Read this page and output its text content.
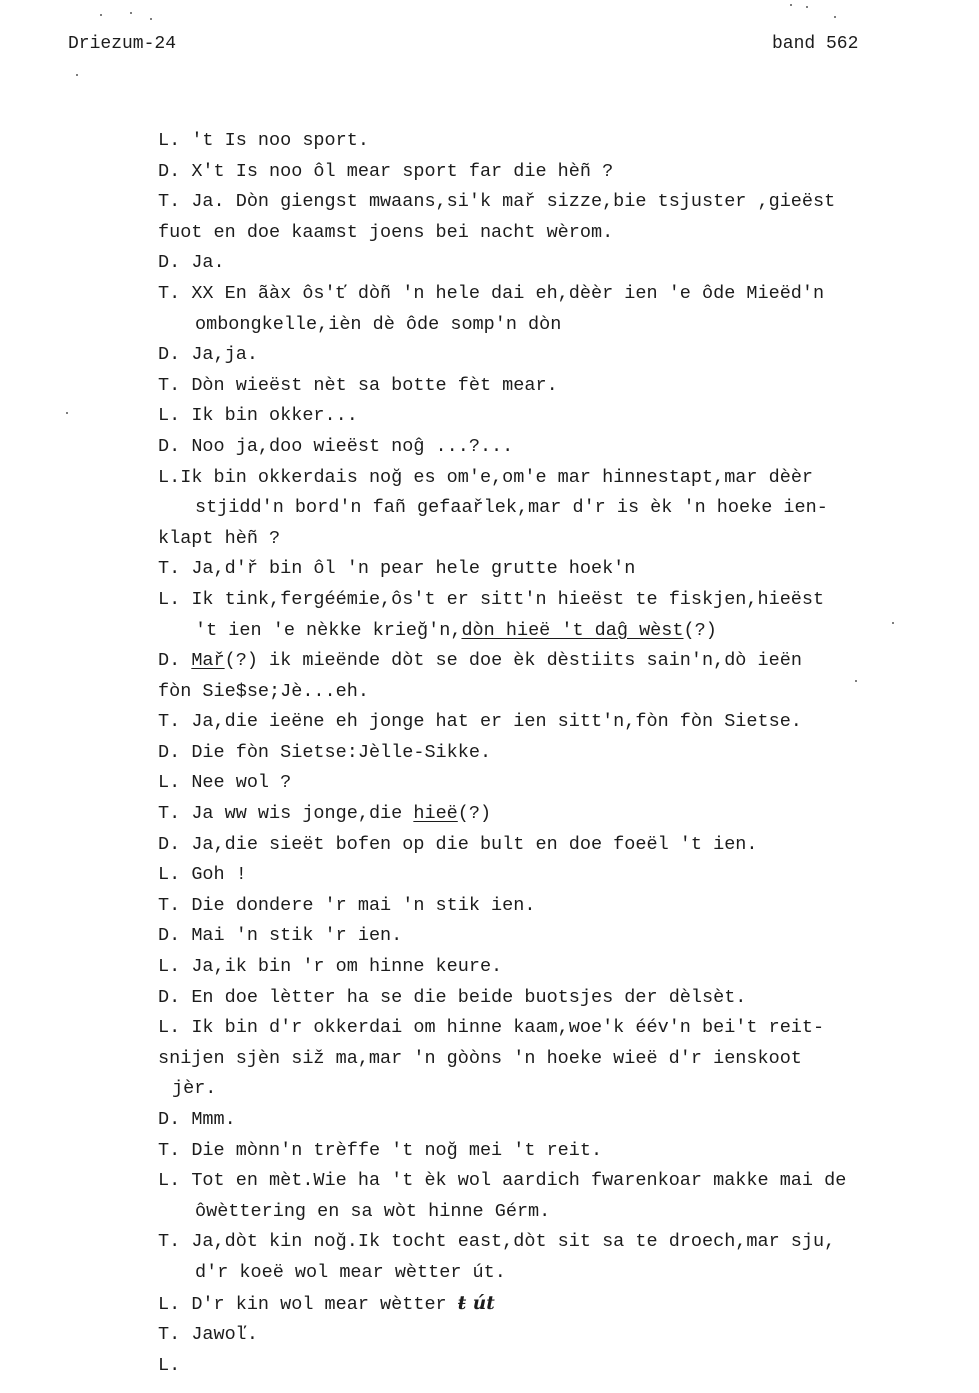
Driezum-24	band 562
L. 't Is noo sport.
D. X't Is noo ôl mear sport far die hèñ ?
T. Ja. Dòn giengst mwaans,si'k mař sizze,bie tsjuster ,gieëst
fuot en doe kaamst joens bei nacht wèrom.
D. Ja.
T. XX En ãàx ôs'ť dòñ 'n hele dai eh,dèèr ien 'e ôde Mieëd'n
ombongkelle,ièn dè ôde somp'n dòn
D. Ja,ja.
T. Dòn wieëst nèt sa botte fèt mear.
L. Ik bin okker...
D. Noo ja,doo wieëst noĝ ...?...
L.Ik bin okkerdais noğ es om'e,om'e mar hinnestapt,mar dèèr
stjidd'n bord'n fañ gefaařlek,mar d'r is èk 'n hoeke ien-
klapt hèñ ?
T. Ja,d'ř bin ôl 'n pear hele grutte hoek'n
L. Ik tink,fergéémie,ôs't er sitt'n hieëst te fiskjen,hieëst
't ien 'e nèkke krieğ'n,dòn hieë 't daĝ wèst(?)
D. Mař(?) ik mieënde dòt se doe èk dèstiits sain'n,dò ieën
fòn Sie$se;Jè...eh.
T. Ja,die ieëne eh jonge hat er ien sitt'n,fòn fòn Sietse.
D. Die fòn Sietse:Jèlle-Sikke.
L. Nee wol ?
T. Ja ww wis jonge,die hieë(?)
D. Ja,die sieët bofen op die bult en doe foeël 't ien.
L. Goh !
T. Die dondere 'r mai 'n stik ien.
D. Mai 'n stik 'r ien.
L. Ja,ik bin 'r om hinne keure.
D. En doe lètter ha se die beide buotsjes der dèlsèt.
L. Ik bin d'r okkerdai om hinne kaam,woe'k éév'n bei't reit-
snijen sjèn siž ma,mar 'n gòòns 'n hoeke wieë d'r ienskoot
jèr.
D. Mmm.
T. Die mònn'n trèffe 't noğ mei 't reit.
L. Tot en mèt.Wie ha 't èk wol aardich fwarenkoar makke mai de
ôwèttering en sa wòt hinne Gérm.
T. Ja,dòt kin noğ.Ik tocht east,dòt sit sa te droech,mar sju,
d'r koeë wol mear wètter út.
L. D'r kin wol mear wètter ŧ út
T. Jawoľ.
L.
